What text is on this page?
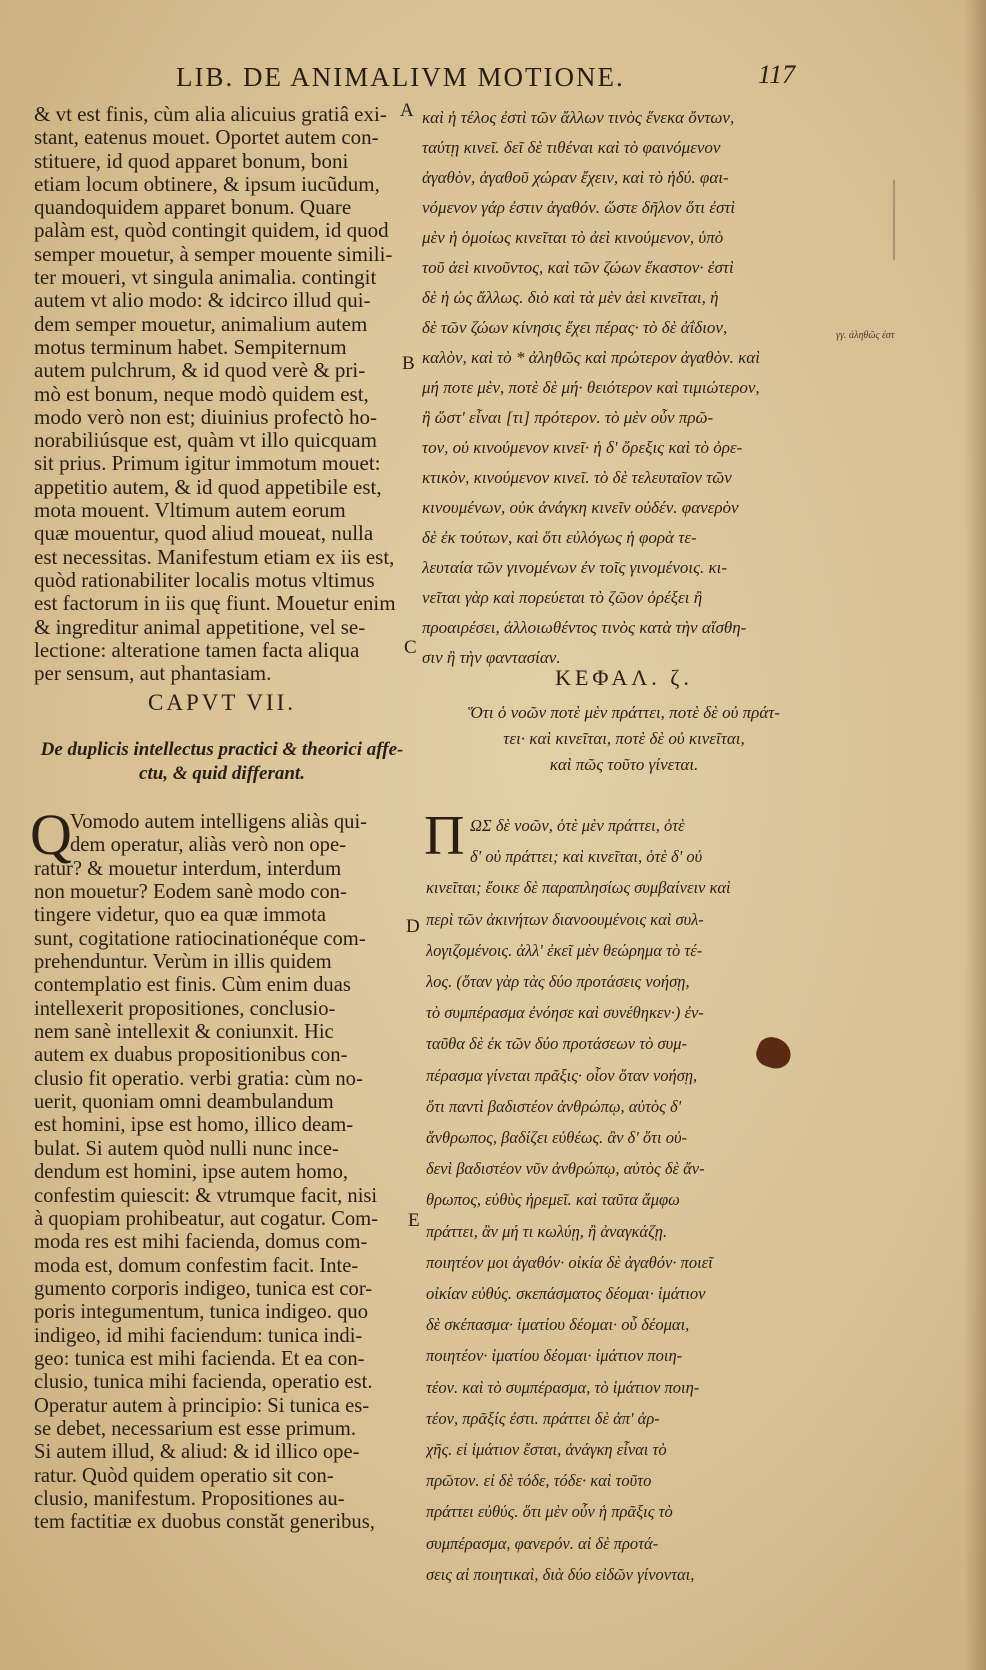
LIB. DE ANIMALIVM MOTIONE.	117
A
B
C
D
E
γγ. ἀληθῶς ἐστ
& vt est finis, cùm alia alicuius gratiâ exi-
stant, eatenus mouet. Oportet autem con-
stituere, id quod apparet bonum, boni
etiam locum obtinere, & ipsum iucũdum,
quandoquidem apparet bonum. Quare
palàm est, quòd contingit quidem, id quod
semper mouetur, à semper mouente simili-
ter moueri, vt singula animalia. contingit
autem vt alio modo: & idcirco illud qui-
dem semper mouetur, animalium autem
motus terminum habet. Sempiternum
autem pulchrum, & id quod verè & pri-
mò est bonum, neque modò quidem est,
modo verò non est; diuinius profectò ho-
norabiliúsque est, quàm vt illo quicquam
sit prius. Primum igitur immotum mouet:
appetitio autem, & id quod appetibile est,
mota mouent. Vltimum autem eorum
quæ mouentur, quod aliud moueat, nulla
est necessitas. Manifestum etiam ex iis est,
quòd rationabiliter localis motus vltimus
est factorum in iis quę fiunt. Mouetur enim
& ingreditur animal appetitione, vel se-
lectione: alteratione tamen facta aliqua
per sensum, aut phantasiam.
καὶ ἡ τέλος ἐστὶ τῶν ἄλλων τινὸς ἕνεκα ὄντων,
ταύτῃ κινεῖ. δεῖ δὲ τιθέναι καὶ τὸ φαινόμενον
ἀγαθὸν, ἀγαθοῦ χώραν ἔχειν, καὶ τὸ ἡδύ. φαι-
νόμενον γάρ ἐστιν ἀγαθόν. ὥστε δῆλον ὅτι ἐστὶ
μὲν ἡ ὁμοίως κινεῖται τὸ ἀεὶ κινούμενον, ὑπὸ
τοῦ ἀεὶ κινοῦντος, καὶ τῶν ζώων ἕκαστον· ἐστὶ
δὲ ἡ ὡς ἄλλως. διὸ καὶ τὰ μὲν ἀεὶ κινεῖται, ἡ
δὲ τῶν ζώων κίνησις ἔχει πέρας· τὸ δὲ ἀΐδιον,
καλὸν, καὶ τὸ * ἀληθῶς καὶ πρώτερον ἀγαθὸν. καὶ
μή ποτε μὲν, ποτὲ δὲ μή· θειότερον καὶ τιμιώτερον,
ἢ ὥστ' εἶναι [τι] πρότερον. τὸ μὲν οὖν πρῶ-
τον, οὐ κινούμενον κινεῖ· ἡ δ' ὄρεξις καὶ τὸ ὀρε-
κτικὸν, κινούμενον κινεῖ. τὸ δὲ τελευταῖον τῶν
κινουμένων, οὐκ ἀνάγκη κινεῖν οὐδέν. φανερὸν
δὲ ἐκ τούτων, καὶ ὅτι εὐλόγως ἡ φορὰ τε-
λευταία τῶν γινομένων ἐν τοῖς γινομένοις. κι-
νεῖται γὰρ καὶ πορεύεται τὸ ζῶον ὀρέξει ἢ
προαιρέσει, ἀλλοιωθέντος τινὸς κατὰ τὴν αἴσθη-
σιν ἢ τὴν φαντασίαν.
CAPVT VII.
De duplicis intellectus practici & theorici affe-
ctu, & quid differant.
ΚΕΦΑΛ. ζ.
Ὅτι ὁ νοῶν ποτὲ μὲν πράττει, ποτὲ δὲ οὐ πράτ-
τει· καὶ κινεῖται, ποτὲ δὲ οὐ κινεῖται,
καὶ πῶς τοῦτο γίνεται.
Q
Vomodo autem intelligens aliàs qui-
dem operatur, aliàs verò non ope-
ratur? & mouetur interdum, interdum
non mouetur? Eodem sanè modo con-
tingere videtur, quo ea quæ immota
sunt, cogitatione ratiocinationéque com-
prehenduntur. Verùm in illis quidem
contemplatio est finis. Cùm enim duas
intellexerit propositiones, conclusio-
nem sanè intellexit & coniunxit. Hic
autem ex duabus propositionibus con-
clusio fit operatio. verbi gratia: cùm no-
uerit, quoniam omni deambulandum
est homini, ipse est homo, illico deam-
bulat. Si autem quòd nulli nunc ince-
dendum est homini, ipse autem homo,
confestim quiescit: & vtrumque facit, nisi
à quopiam prohibeatur, aut cogatur. Com-
moda res est mihi facienda, domus com-
moda est, domum confestim facit. Inte-
gumento corporis indigeo, tunica est cor-
poris integumentum, tunica indigeo. quo
indigeo, id mihi faciendum: tunica indi-
geo: tunica est mihi facienda. Et ea con-
clusio, tunica mihi facienda, operatio est.
Operatur autem à principio: Si tunica es-
se debet, necessarium est esse primum.
Si autem illud, & aliud: & id illico ope-
ratur. Quòd quidem operatio sit con-
clusio, manifestum. Propositiones au-
tem factitiæ ex duobus constăt generibus,
Π ΩΣ δὲ νοῶν, ὁτὲ μὲν πράττει, ὁτὲ
δ' οὐ πράττει; καὶ κινεῖται, ὁτὲ δ' οὐ
κινεῖται; ἔοικε δὲ παραπλησίως συμβαίνειν καὶ
περὶ τῶν ἀκινήτων διανοουμένοις καὶ συλ-
λογιζομένοις. ἀλλ' ἐκεῖ μὲν θεώρημα τὸ τέ-
λος. (ὅταν γὰρ τὰς δύο προτάσεις νοήσῃ,
τὸ συμπέρασμα ἐνόησε καὶ συνέθηκεν·) ἐν-
ταῦθα δὲ ἐκ τῶν δύο προτάσεων τὸ συμ-
πέρασμα γίνεται πρᾶξις· οἷον ὅταν νοήσῃ,
ὅτι παντὶ βαδιστέον ἀνθρώπῳ, αὐτὸς δ'
ἄνθρωπος, βαδίζει εὐθέως. ἂν δ' ὅτι οὐ-
δενὶ βαδιστέον νῦν ἀνθρώπῳ, αὐτὸς δὲ ἄν-
θρωπος, εὐθὺς ἠρεμεῖ. καὶ ταῦτα ἄμφω
πράττει, ἂν μή τι κωλύῃ, ἢ ἀναγκάζῃ.
ποιητέον μοι ἀγαθόν· οἰκία δὲ ἀγαθόν· ποιεῖ
οἰκίαν εὐθύς. σκεπάσματος δέομαι· ἱμάτιον
δὲ σκέπασμα· ἱματίου δέομαι· οὗ δέομαι,
ποιητέον· ἱματίου δέομαι· ἱμάτιον ποιη-
τέον. καὶ τὸ συμπέρασμα, τὸ ἱμάτιον ποιη-
τέον, πρᾶξίς ἐστι. πράττει δὲ ἀπ' ἀρ-
χῆς. εἰ ἱμάτιον ἔσται, ἀνάγκη εἶναι τὸ
πρῶτον. εἰ δὲ τόδε, τόδε· καὶ τοῦτο
πράττει εὐθύς. ὅτι μὲν οὖν ἡ πρᾶξις τὸ
συμπέρασμα, φανερόν. αἱ δὲ προτά-
σεις αἱ ποιητικαὶ, διὰ δύο εἰδῶν γίνονται,
